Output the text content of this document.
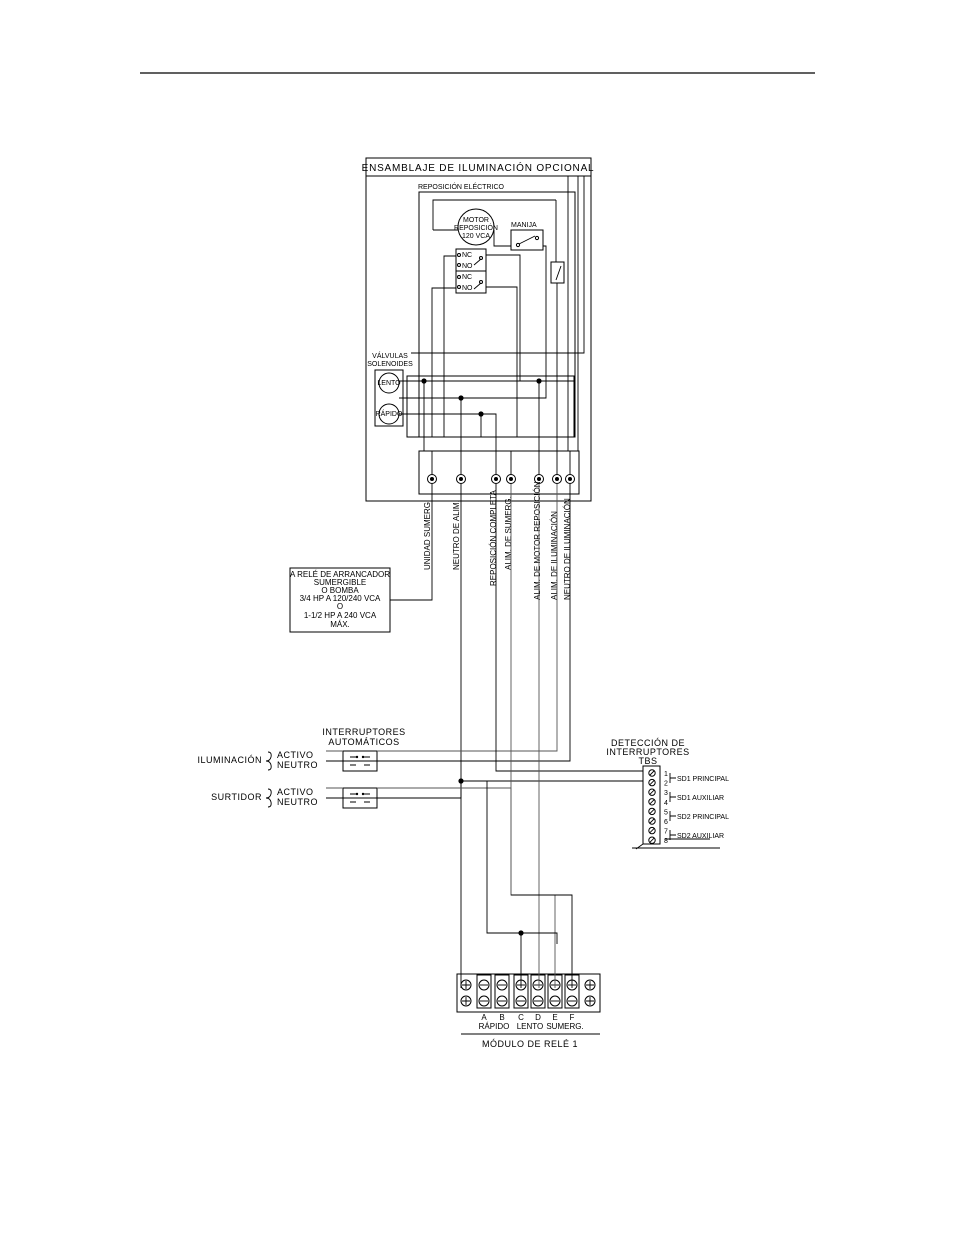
ENSAMBLAJE DE ILUMINACIÓN OPCIONAL
REPOSICIÓN ELÉCTRICO
MOTOR
REPOSICIÓN
120 VCA
MANIJA
NC
NO
NC
NO
VÁLVULAS
SOLENOIDES
LENTO
RÁPIDO
UNIDAD SUMERG.	NEUTRO DE ALIM.	REPOSICIÓN COMPLETA ALIM. DE SUMERG.	ALIM. DE MOTOR REPOSICIÓN ALIM. DE ILUMINACIÓN NEUTRO DE ILUMINACIÓN
A RELÉ DE ARRANCADOR
SUMERGIBLE
O BOMBA
3/4 HP A 120/240 VCA
O
1-1/2 HP A 240 VCA
MÁX.
INTERRUPTORES
AUTOMÁTICOS
ILUMINACIÓN ACTIVO
NEUTRO
SURTIDOR ACTIVO
NEUTRO
DETECCIÓN DE
INTERRUPTORES
TBS
1
2
3
4
5
6
7
8
SD1 PRINCIPAL
SD1 AUXILIAR
SD2 PRINCIPAL
SD2 AUXILIAR
A B C D E F
RÁPIDO LENTO SUMERG.
MÓDULO DE RELÉ 1
